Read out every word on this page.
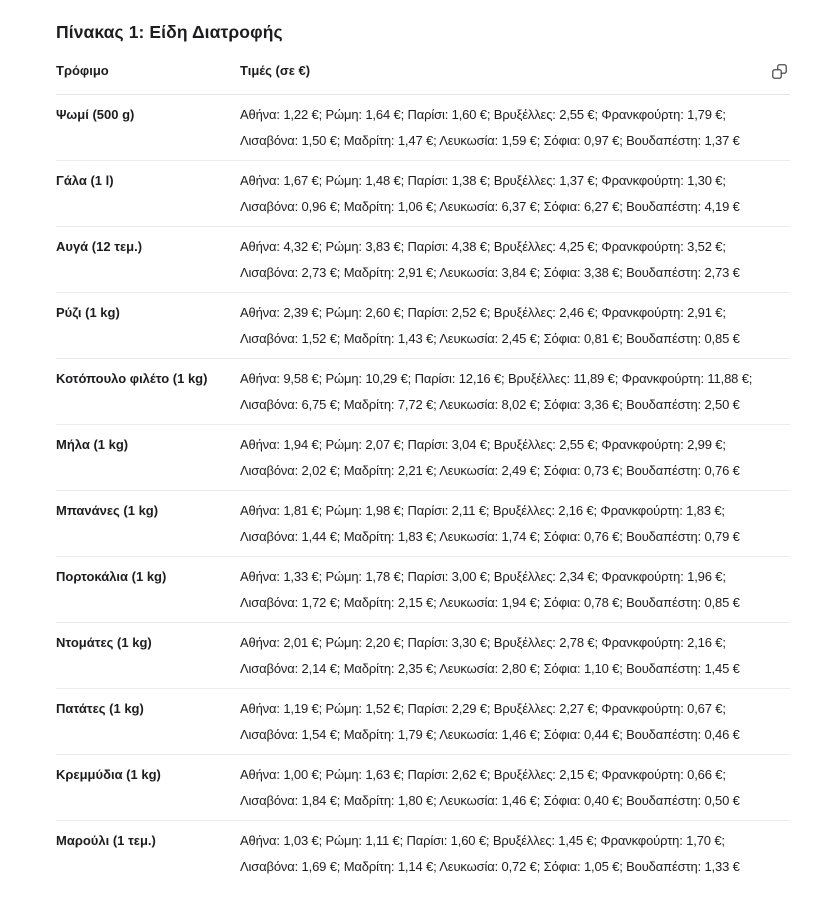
Πίνακας 1: Είδη Διατροφής
Τρόφιμο	Τιμές (σε €)
Ψωμί (500 g)	Αθήνα: 1,22 €; Ρώμη: 1,64 €; Παρίσι: 1,60 €; Βρυξέλλες: 2,55 €; Φρανκφούρτη: 1,79 €;
Λισαβόνα: 1,50 €; Μαδρίτη: 1,47 €; Λευκωσία: 1,59 €; Σόφια: 0,97 €; Βουδαπέστη: 1,37 €
Γάλα (1 l)	Αθήνα: 1,67 €; Ρώμη: 1,48 €; Παρίσι: 1,38 €; Βρυξέλλες: 1,37 €; Φρανκφούρτη: 1,30 €;
Λισαβόνα: 0,96 €; Μαδρίτη: 1,06 €; Λευκωσία: 6,37 €; Σόφια: 6,27 €; Βουδαπέστη: 4,19 €
Αυγά (12 τεμ.)	Αθήνα: 4,32 €; Ρώμη: 3,83 €; Παρίσι: 4,38 €; Βρυξέλλες: 4,25 €; Φρανκφούρτη: 3,52 €;
Λισαβόνα: 2,73 €; Μαδρίτη: 2,91 €; Λευκωσία: 3,84 €; Σόφια: 3,38 €; Βουδαπέστη: 2,73 €
Ρύζι (1 kg)	Αθήνα: 2,39 €; Ρώμη: 2,60 €; Παρίσι: 2,52 €; Βρυξέλλες: 2,46 €; Φρανκφούρτη: 2,91 €;
Λισαβόνα: 1,52 €; Μαδρίτη: 1,43 €; Λευκωσία: 2,45 €; Σόφια: 0,81 €; Βουδαπέστη: 0,85 €
Κοτόπουλο φιλέτο (1 kg)	Αθήνα: 9,58 €; Ρώμη: 10,29 €; Παρίσι: 12,16 €; Βρυξέλλες: 11,89 €; Φρανκφούρτη: 11,88 €;
Λισαβόνα: 6,75 €; Μαδρίτη: 7,72 €; Λευκωσία: 8,02 €; Σόφια: 3,36 €; Βουδαπέστη: 2,50 €
Μήλα (1 kg)	Αθήνα: 1,94 €; Ρώμη: 2,07 €; Παρίσι: 3,04 €; Βρυξέλλες: 2,55 €; Φρανκφούρτη: 2,99 €;
Λισαβόνα: 2,02 €; Μαδρίτη: 2,21 €; Λευκωσία: 2,49 €; Σόφια: 0,73 €; Βουδαπέστη: 0,76 €
Μπανάνες (1 kg)	Αθήνα: 1,81 €; Ρώμη: 1,98 €; Παρίσι: 2,11 €; Βρυξέλλες: 2,16 €; Φρανκφούρτη: 1,83 €;
Λισαβόνα: 1,44 €; Μαδρίτη: 1,83 €; Λευκωσία: 1,74 €; Σόφια: 0,76 €; Βουδαπέστη: 0,79 €
Πορτοκάλια (1 kg)	Αθήνα: 1,33 €; Ρώμη: 1,78 €; Παρίσι: 3,00 €; Βρυξέλλες: 2,34 €; Φρανκφούρτη: 1,96 €;
Λισαβόνα: 1,72 €; Μαδρίτη: 2,15 €; Λευκωσία: 1,94 €; Σόφια: 0,78 €; Βουδαπέστη: 0,85 €
Ντομάτες (1 kg)	Αθήνα: 2,01 €; Ρώμη: 2,20 €; Παρίσι: 3,30 €; Βρυξέλλες: 2,78 €; Φρανκφούρτη: 2,16 €;
Λισαβόνα: 2,14 €; Μαδρίτη: 2,35 €; Λευκωσία: 2,80 €; Σόφια: 1,10 €; Βουδαπέστη: 1,45 €
Πατάτες (1 kg)	Αθήνα: 1,19 €; Ρώμη: 1,52 €; Παρίσι: 2,29 €; Βρυξέλλες: 2,27 €; Φρανκφούρτη: 0,67 €;
Λισαβόνα: 1,54 €; Μαδρίτη: 1,79 €; Λευκωσία: 1,46 €; Σόφια: 0,44 €; Βουδαπέστη: 0,46 €
Κρεμμύδια (1 kg)	Αθήνα: 1,00 €; Ρώμη: 1,63 €; Παρίσι: 2,62 €; Βρυξέλλες: 2,15 €; Φρανκφούρτη: 0,66 €;
Λισαβόνα: 1,84 €; Μαδρίτη: 1,80 €; Λευκωσία: 1,46 €; Σόφια: 0,40 €; Βουδαπέστη: 0,50 €
Μαρούλι (1 τεμ.)	Αθήνα: 1,03 €; Ρώμη: 1,11 €; Παρίσι: 1,60 €; Βρυξέλλες: 1,45 €; Φρανκφούρτη: 1,70 €;
Λισαβόνα: 1,69 €; Μαδρίτη: 1,14 €; Λευκωσία: 0,72 €; Σόφια: 1,05 €; Βουδαπέστη: 1,33 €
